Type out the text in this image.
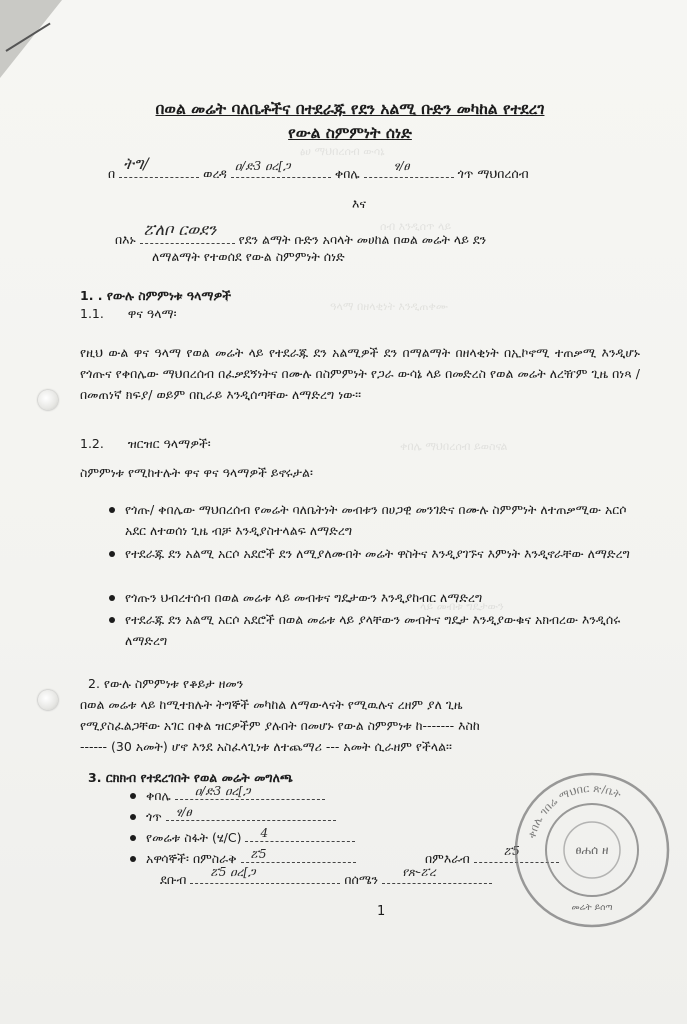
ፅሀ ማህበረሰብ ውሳኔ
ሰብ እንዲሰጥ ላይ
ዓላማ በዘላቂነት እንዲጠቀሙ
ቀበሌ ማህበረሰብ ይወስናል
ላይ መብቱ ግዴታውን
በወል መሬት ባለቤቶችና በተደራጁ የደን አልሚ ቡድን መካከል የተደረገ
የውል ስምምነት ሰነድ
በ
ትግ/
ወረዳ ዐ/ድ3 ዐረ[ጋ	ቀበሌ	ፃ/ፀ	ጎጥ ማህበረሰብ
እና
በእኑ
ፘለቦ ርወደን
የደን ልማት ቡድን አባላት መሀከል በወል መሬት ላይ ደን
ለማልማት የተወሰደ የውል ስምምነት ሰነድ
1. . የውሉ ስምምነቱ ዓላማዎች
1.1. ዋና ዓላማ፡
የዚህ ውል ዋና ዓላማ የወል መሬት ላይ የተደራጁ ደን አልሚዎች ደን በማልማት በዘላቂነት በኢኮኖሚ ተጠቃሚ እንዲሆኑ የጎጡና የቀበሌው ማህበረሰብ በፈቃደኝነትና በሙሉ በስምምነት የጋራ ውሳኔ ላይ በመድረስ የወል መሬት ለረዥም ጊዜ በነጻ /በመጠነኛ ክፍያ/ ወይም በኪራይ እንዲሰጣቸው ለማድረግ ነው፡፡
1.2. ዝርዝር ዓላማዎች፡
ስምምነቱ የሚከተሉት ዋና ዋና ዓላማዎች ይኖሩታል፡
የጎጡ/ ቀበሌው ማህበረሰብ የመሬት ባለቤትነት መብቱን በሀጋዊ መንገድና በሙሉ ስምምነት ለተጠቃሚው አርሶ አደር ለተወሰነ ጊዜ ብቻ እንዲያስተላልፍ ለማድረግ
የተደራጁ ደን አልሚ አርሶ አደሮች ደን ለሚያለሙበት መሬት ዋስትና እንዲያገኙና እምነት እንዲኖራቸው ለማድረግ
የጎጡን ህብረተሰብ በወል መሬቱ ላይ መብቱና ግዴታውን እንዲያከብር ለማድረግ
የተደራጁ ደን አልሚ አርሶ አደሮች በወል መሬቱ ላይ ያላቸውን መብትና ግዴታ እንዲያውቁና አክብረው እንዲሰሩ ለማድረግ
2. የውሉ ስምምነቱ የቆይታ ዘመን
በወል መሬቱ ላይ ከሚተክሉት ትግኞች መካከል ለማውላናት የሚዉሉና ረዘም ያለ ጊዜ
የሚያስፈልጋቸው አገር በቀል ዝርዎችም ያሉበት በመሆኑ የውል ስምምነቱ ከ------- እስከ
------ (30 አመት) ሆኖ እንደ አስፈላጊነቱ ለተጨማሪ --- አመት ሲራዘም የችላል፡፡
3. ርክክብ የተደረገበት የወል መሬት መግለጫ
ቀበሌ ዐ/ድ3 ዐረ[ጋ
ጎጥ ፃ/ፀ
የመሬቱ ስፋት (ሄ/C) 4
አዋሳኞች፡ በምስራቅ ፘ5	በምእራብ	ፘ5
ደቡብ ፘ5 ዐረ[ጋ	በሰሜን የጽ-ፘረ
ቀበሌ ገበሬ ማህበር ጽ/ቤት
ፀሐሰ ዘ
መሬት ይሰጣ
1
